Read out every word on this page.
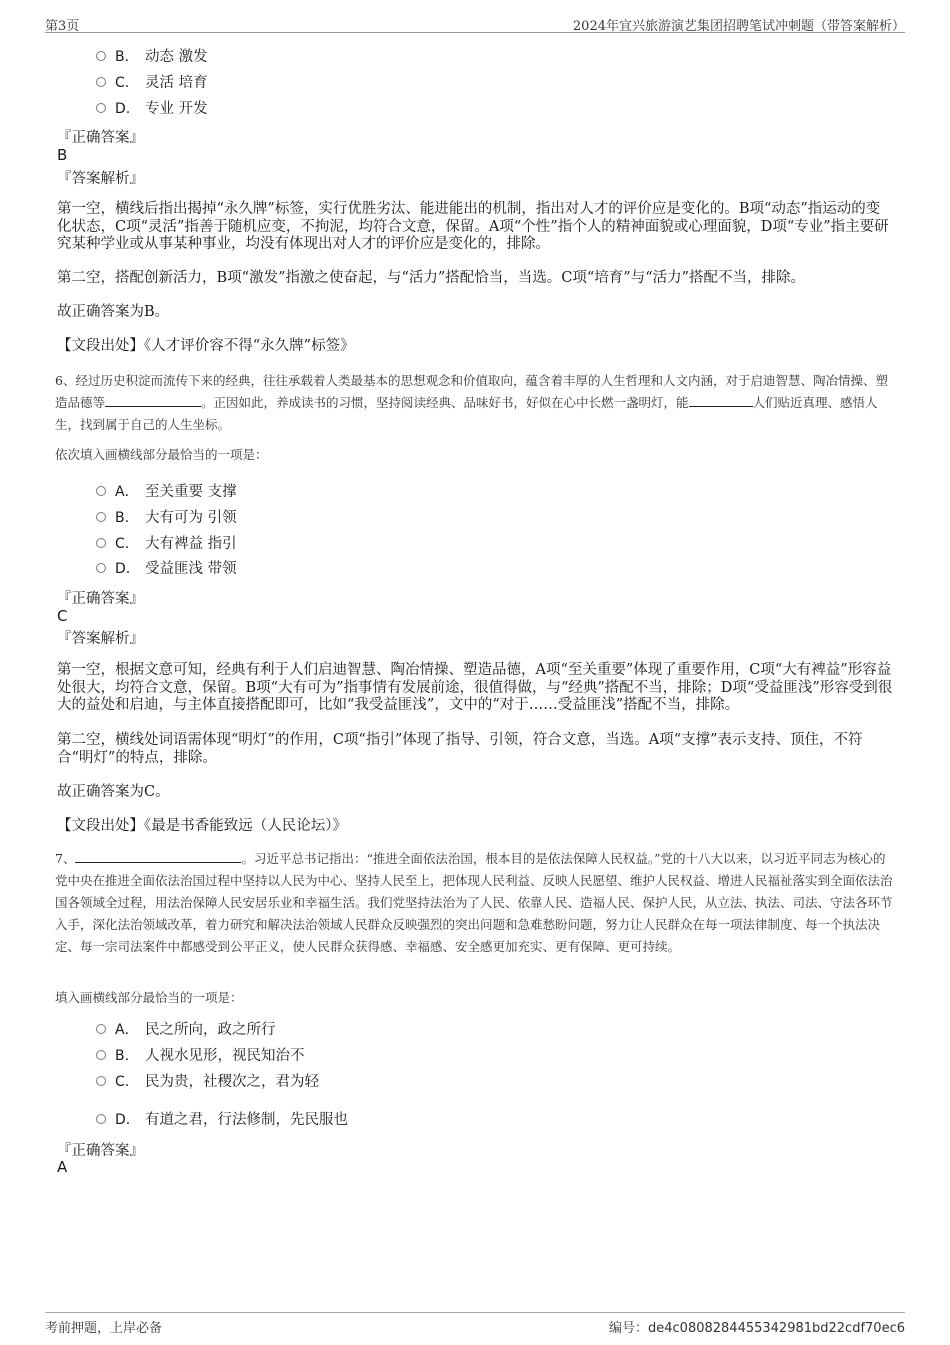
第3页	2024年宜兴旅游演艺集团招聘笔试冲刺题（带答案解析）
B. 动态 激发
C. 灵活 培育
D. 专业 开发
『正确答案』
B
『答案解析』
第一空，横线后指出揭掉“永久牌”标签，实行优胜劣汰、能进能出的机制，指出对人才的评价应是变化的。B项“动态”指运动的变化状态，C项“灵活”指善于随机应变，不拘泥，均符合文意，保留。A项“个性”指个人的精神面貌或心理面貌，D项“专业”指主要研究某种学业或从事某种事业，均没有体现出对人才的评价应是变化的，排除。
第二空，搭配创新活力，B项“激发”指激之使奋起，与“活力”搭配恰当，当选。C项“培育”与“活力”搭配不当，排除。
故正确答案为B。
【文段出处】《人才评价容不得“永久牌”标签》
6、经过历史积淀而流传下来的经典，往往承载着人类最基本的思想观念和价值取向，蕴含着丰厚的人生哲理和人文内涵，对于启迪智慧、陶冶情操、塑造品德等	。正因如此，养成读书的习惯，坚持阅读经典、品味好书，好似在心中长燃一盏明灯，能	人们贴近真理、感悟人生，找到属于自己的人生坐标。
依次填入画横线部分最恰当的一项是：
A． 至关重要 支撑
B. 大有可为 引领
C. 大有裨益 指引
D. 受益匪浅 带领
『正确答案』
C
『答案解析』
第一空，根据文意可知，经典有利于人们启迪智慧、陶冶情操、塑造品德，A项“至关重要”体现了重要作用，C项“大有裨益”形容益处很大，均符合文意，保留。B项“大有可为”指事情有发展前途，很值得做，与“经典”搭配不当，排除；D项“受益匪浅”形容受到很大的益处和启迪，与主体直接搭配即可，比如“我受益匪浅”，文中的“对于……受益匪浅”搭配不当，排除。
第二空，横线处词语需体现“明灯”的作用，C项“指引”体现了指导、引领，符合文意，当选。A项“支撑”表示支持、顶住，不符合“明灯”的特点，排除。
故正确答案为C。
【文段出处】《最是书香能致远（人民论坛）》
7、	。习近平总书记指出：“推进全面依法治国，根本目的是依法保障人民权益。”党的十八大以来，以习近平同志为核心的党中央在推进全面依法治国过程中坚持以人民为中心、坚持人民至上，把体现人民利益、反映人民愿望、维护人民权益、增进人民福祉落实到全面依法治国各领域全过程，用法治保障人民安居乐业和幸福生活。我们党坚持法治为了人民、依靠人民、造福人民、保护人民，从立法、执法、司法、守法各环节入手，深化法治领域改革，着力研究和解决法治领域人民群众反映强烈的突出问题和急难愁盼问题，努力让人民群众在每一项法律制度、每一个执法决定、每一宗司法案件中都感受到公平正义，使人民群众获得感、幸福感、安全感更加充实、更有保障、更可持续。
填入画横线部分最恰当的一项是：
A． 民之所向，政之所行
B. 人视水见形，视民知治不
C. 民为贵，社稷次之，君为轻
D. 有道之君，行法修制，先民服也
『正确答案』
A
考前押题，上岸必备	编号：de4c0808284455342981bd22cdf70ec6
